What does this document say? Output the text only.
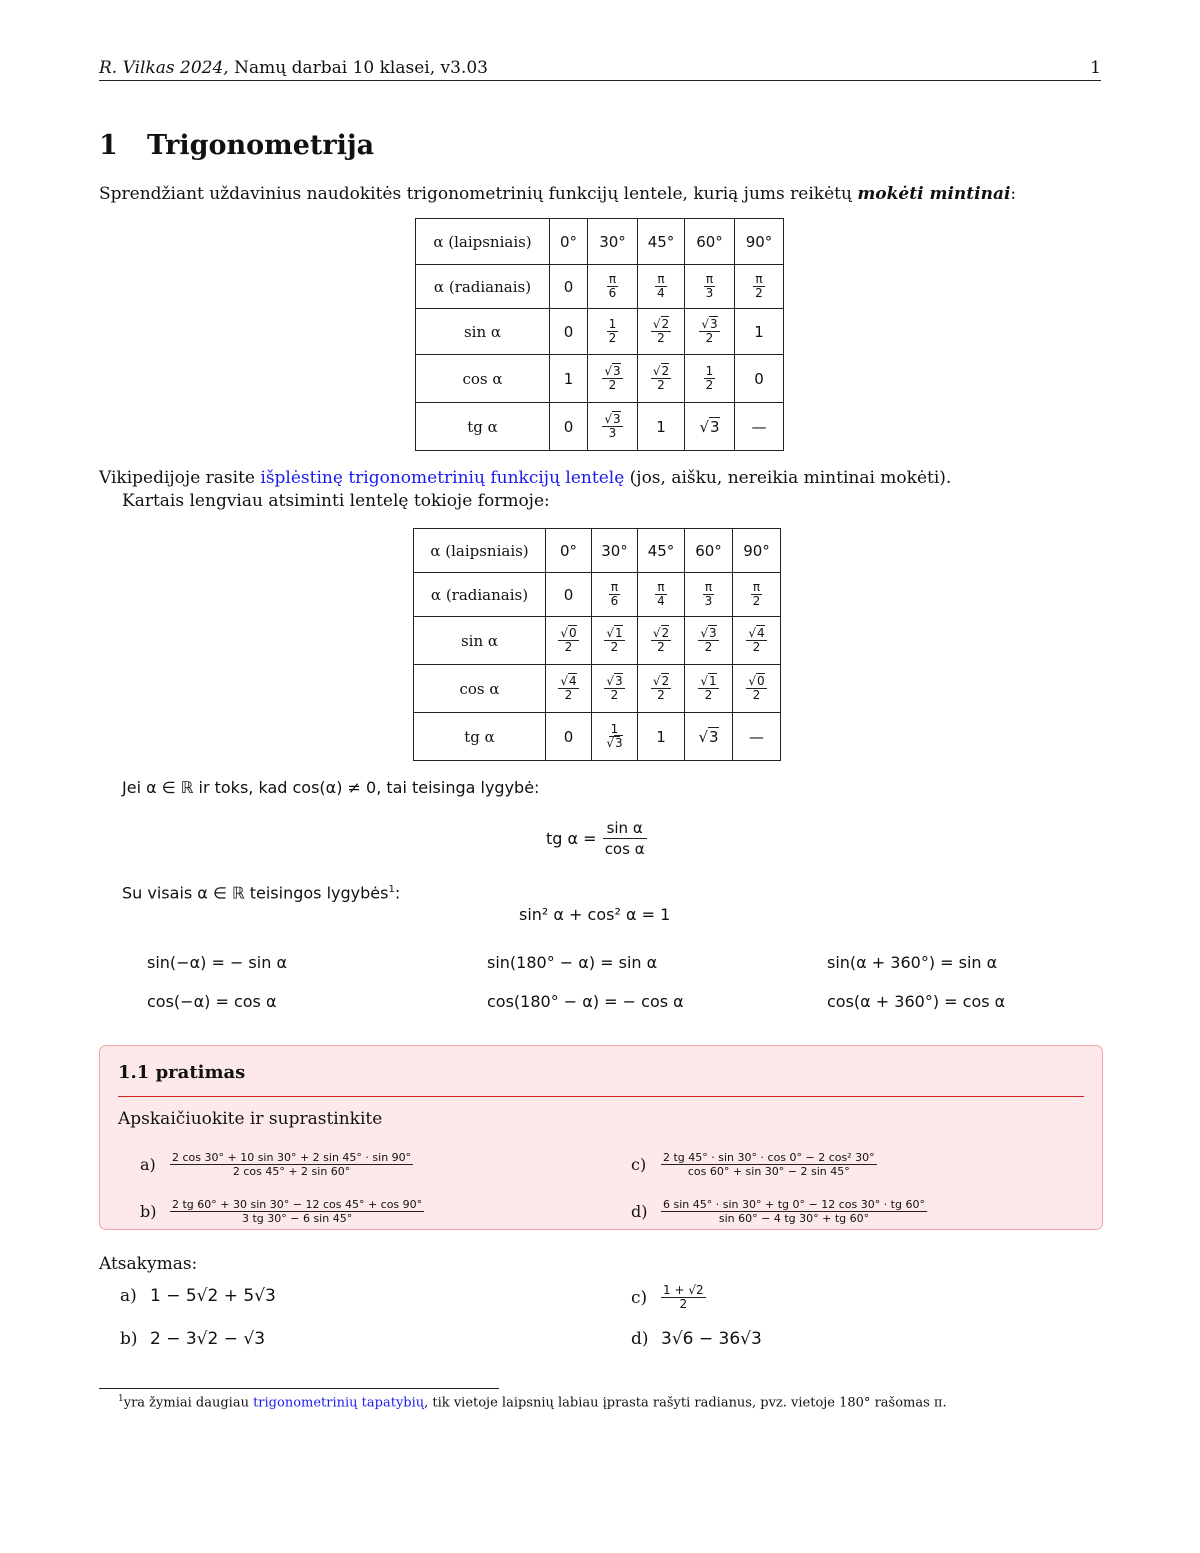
R. Vilkas 2024, Namų darbai 10 klasei, v3.03	1
1 Trigonometrija
Sprendžiant uždavinius naudokitės trigonometrinių funkcijų lentele, kurią jums reikėtų mokėti mintinai:
α (laipsniais)	0°	30°	45°	60°	90°
α (radianais)	0	$\frac{\pi}{6}$	$\frac{\pi}{4}$	$\frac{\pi}{3}$	$\frac{\pi}{2}$

sin α	0	$\frac{1}{2}$	$\frac{√2}{2}$	$\frac{√3}{2}$	1
cos α	1	$\frac{√3}{2}$	$\frac{√2}{2}$	$\frac{1}{2}$	0
tg α	0	$\frac{√3}{3}$	1	√3	—
Vikipedijoje rasite išplėstinę trigonometrinių funkcijų lentelę (jos, aišku, nereikia mintinai mokėti).
Kartais lengviau atsiminti lentelę tokioje formoje:
α (laipsniais)	0°	30°	45°	60°	90°
α (radianais)	0	$\frac{\pi}{6}$	$\frac{\pi}{4}$	$\frac{\pi}{3}$	$\frac{\pi}{2}$

sin α	$\frac{√0}{2}$	$\frac{√1}{2}$	$\frac{√2}{2}$	$\frac{√3}{2}$	$\frac{√4}{2}$

cos α	$\frac{√4}{2}$	$\frac{√3}{2}$	$\frac{√2}{2}$	$\frac{√1}{2}$	$\frac{√0}{2}$

tg α	0	$\frac{1}{√3}$	1	√3	—
Jei α ∈ ℝ ir toks, kad cos(α) ≠ 0, tai teisinga lygybė:
tg $\alpha = \frac{\text{sin α}}{\text{cos α}}$
Su visais α ∈ ℝ teisingos lygybės$^1$:
sin² α + cos² α = 1
sin(−α) = − sin α	sin(180° − α) = sin α	sin(α + 360°) = sin α
cos(−α) = cos α	cos(180° − α) = − cos α	cos(α + 360°) = cos α
1.1 pratimas
Apskaičiuokite ir suprastinkite
a)	2 cos 30° + 10 sin 30° + 2 sin 45° · sin 90°
2 cos 45° + 2 sin 60°
b)	2 tg 60° + 30 sin 30° − 12 cos 45° + cos 90°
3 tg 30° − 6 sin 45°
c)	2 tg 45° · sin 30° · cos 0° − 2 cos² 30°
cos 60° + sin 30° − 2 sin 45°
d)	6 sin 45° · sin 30° + tg 0° − 12 cos 30° · tg 60°
sin 60° − 4 tg 30° + tg 60°
Atsakymas:
a) 1 − 5√2 + 5√3
b) 2 − 3√2 − √3
c)	1 + √2
2
d) 3√6 − 36√3
$^1$yra žymiai daugiau trigonometrinių tapatybių, tik vietoje laipsnių labiau įprasta rašyti radianus, pvz. vietoje 180° rašomas π.
